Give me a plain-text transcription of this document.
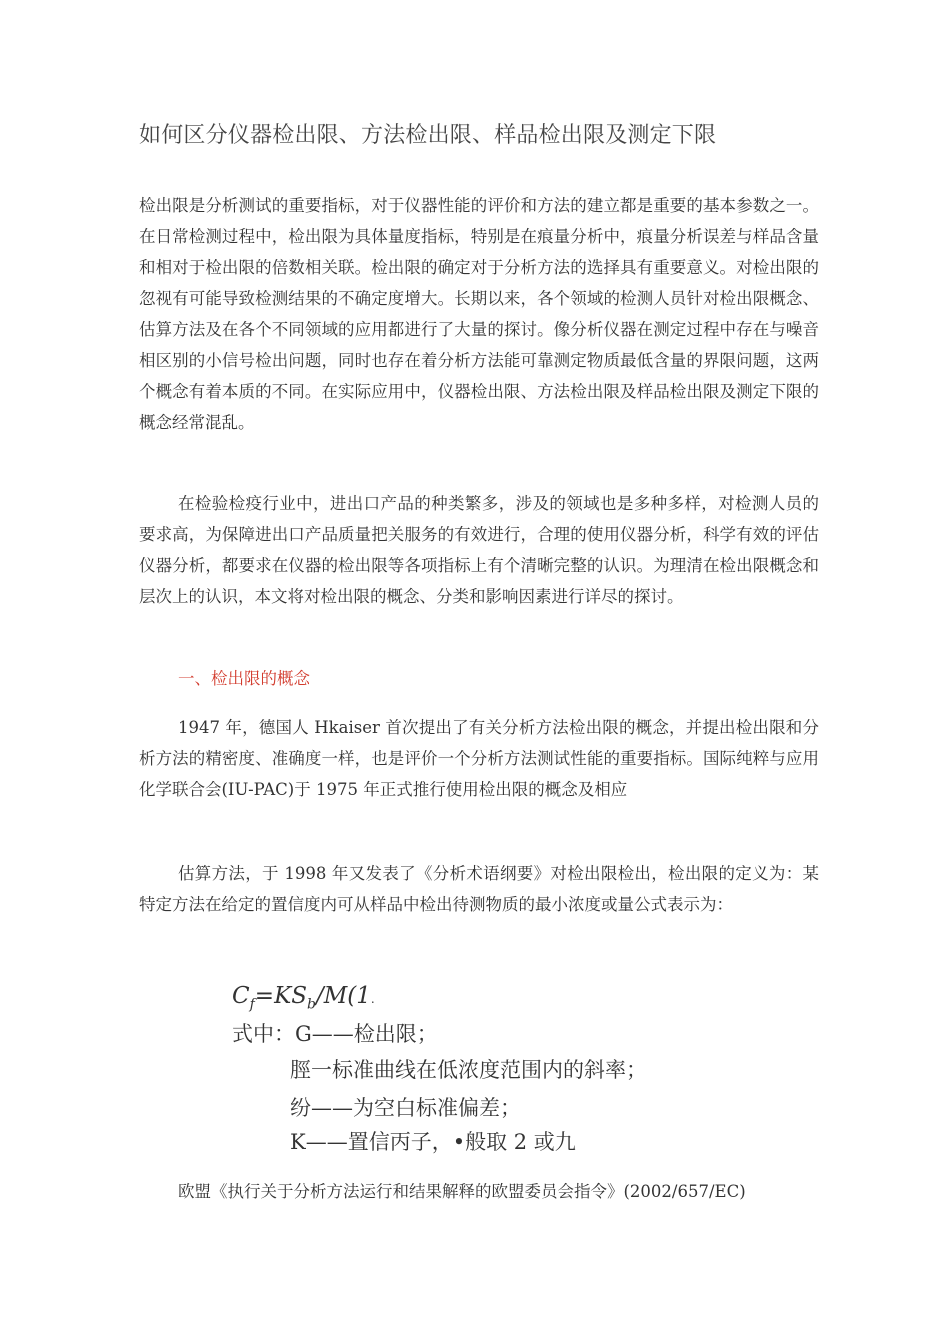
如何区分仪器检出限、方法检出限、样品检出限及测定下限

检出限是分析测试的重要指标，对于仪器性能的评价和方法的建立都是重要的基本参数之一。在日常检测过程中，检出限为具体量度指标，特别是在痕量分析中，痕量分析误差与样品含量和相对于检出限的倍数相关联。检出限的确定对于分析方法的选择具有重要意义。对检出限的忽视有可能导致检测结果的不确定度增大。长期以来，各个领域的检测人员针对检出限概念、估算方法及在各个不同领域的应用都进行了大量的探讨。像分析仪器在测定过程中存在与噪音相区别的小信号检出问题，同时也存在着分析方法能可靠测定物质最低含量的界限问题，这两个概念有着本质的不同。在实际应用中，仪器检出限、方法检出限及样品检出限及测定下限的概念经常混乱。

在检验检疫行业中，进出口产品的种类繁多，涉及的领域也是多种多样，对检测人员的要求高，为保障进出口产品质量把关服务的有效进行，合理的使用仪器分析，科学有效的评估仪器分析，都要求在仪器的检出限等各项指标上有个清晰完整的认识。为理清在检出限概念和层次上的认识，本文将对检出限的概念、分类和影响因素进行详尽的探讨。

一、检出限的概念

1947 年，德国人 Hkaiser 首次提出了有关分析方法检出限的概念，并提出检出限和分析方法的精密度、准确度一样，也是评价一个分析方法测试性能的重要指标。国际纯粹与应用化学联合会(IU-PAC)于 1975 年正式推行使用检出限的概念及相应

估算方法，于 1998 年又发表了《分析术语纲要》对检出限检出，检出限的定义为：某特定方法在给定的置信度内可从样品中检出待测物质的最小浓度或量公式表示为：

$C_f=KS_b/M(1$.
式中：G——检出限；
脛一标准曲线在低浓度范围内的斜率；
纷——为空白标准偏差；
K——置信丙子，•般取 2 或九

欧盟《执行关于分析方法运行和结果解释的欧盟委员会指令》(2002/657/EC)
